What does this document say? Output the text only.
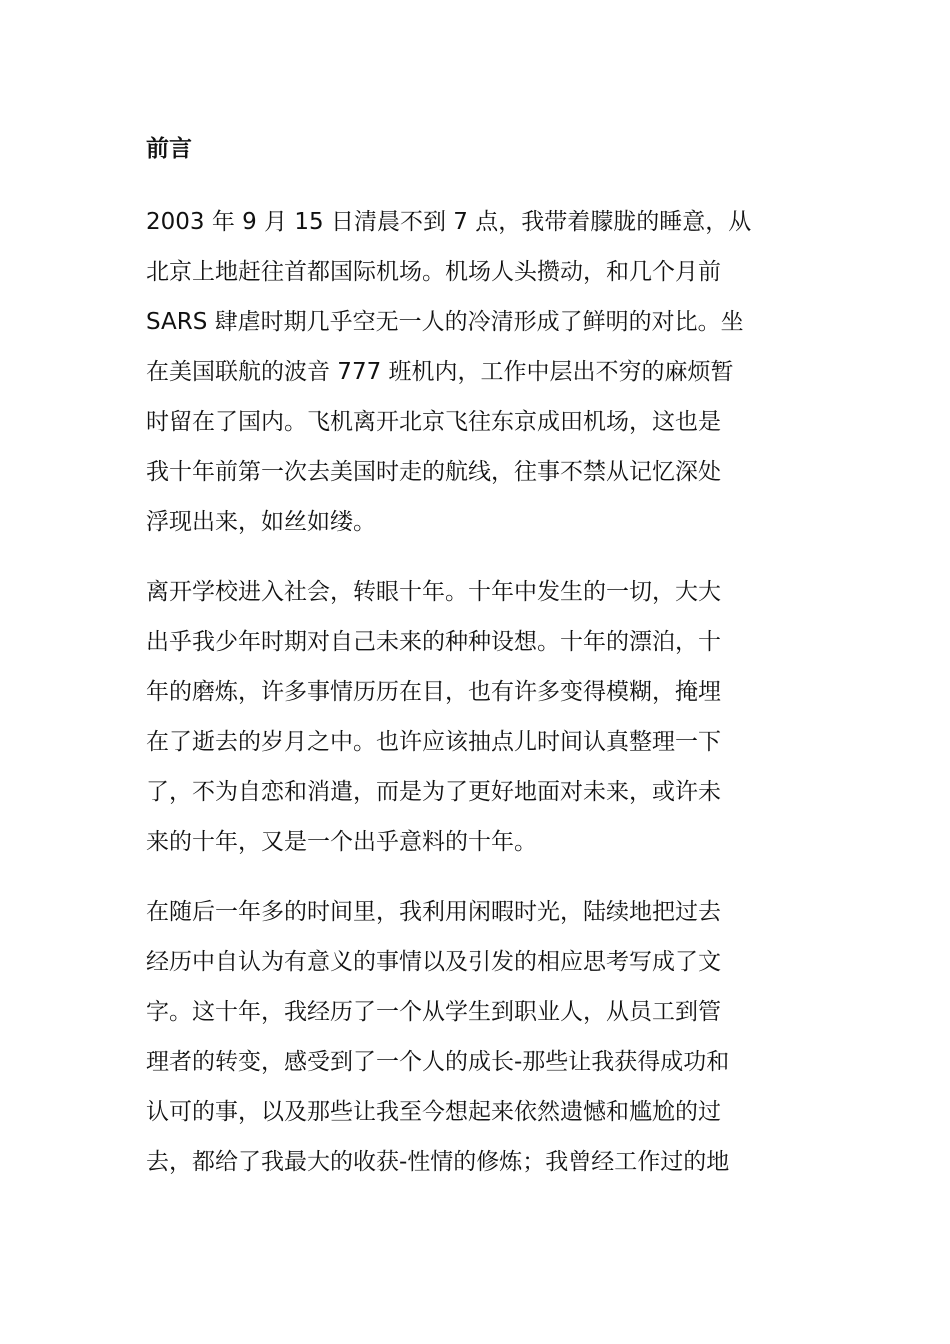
前言

2003 年 9 月 15 日清晨不到 7 点，我带着朦胧的睡意，从

北京上地赶往首都国际机场。机场人头攒动，和几个月前

SARS 肆虐时期几乎空无一人的冷清形成了鲜明的对比。坐

在美国联航的波音 777 班机内，工作中层出不穷的麻烦暂

时留在了国内。飞机离开北京飞往东京成田机场，这也是

我十年前第一次去美国时走的航线，往事不禁从记忆深处

浮现出来，如丝如缕。

离开学校进入社会，转眼十年。十年中发生的一切，大大

出乎我少年时期对自己未来的种种设想。十年的漂泊，十

年的磨炼，许多事情历历在目，也有许多变得模糊，掩埋

在了逝去的岁月之中。也许应该抽点儿时间认真整理一下

了，不为自恋和消遣，而是为了更好地面对未来，或许未

来的十年，又是一个出乎意料的十年。

在随后一年多的时间里，我利用闲暇时光，陆续地把过去

经历中自认为有意义的事情以及引发的相应思考写成了文

字。这十年，我经历了一个从学生到职业人，从员工到管

理者的转变，感受到了一个人的成长-那些让我获得成功和

认可的事，以及那些让我至今想起来依然遗憾和尴尬的过

去，都给了我最大的收获-性情的修炼；我曾经工作过的地
